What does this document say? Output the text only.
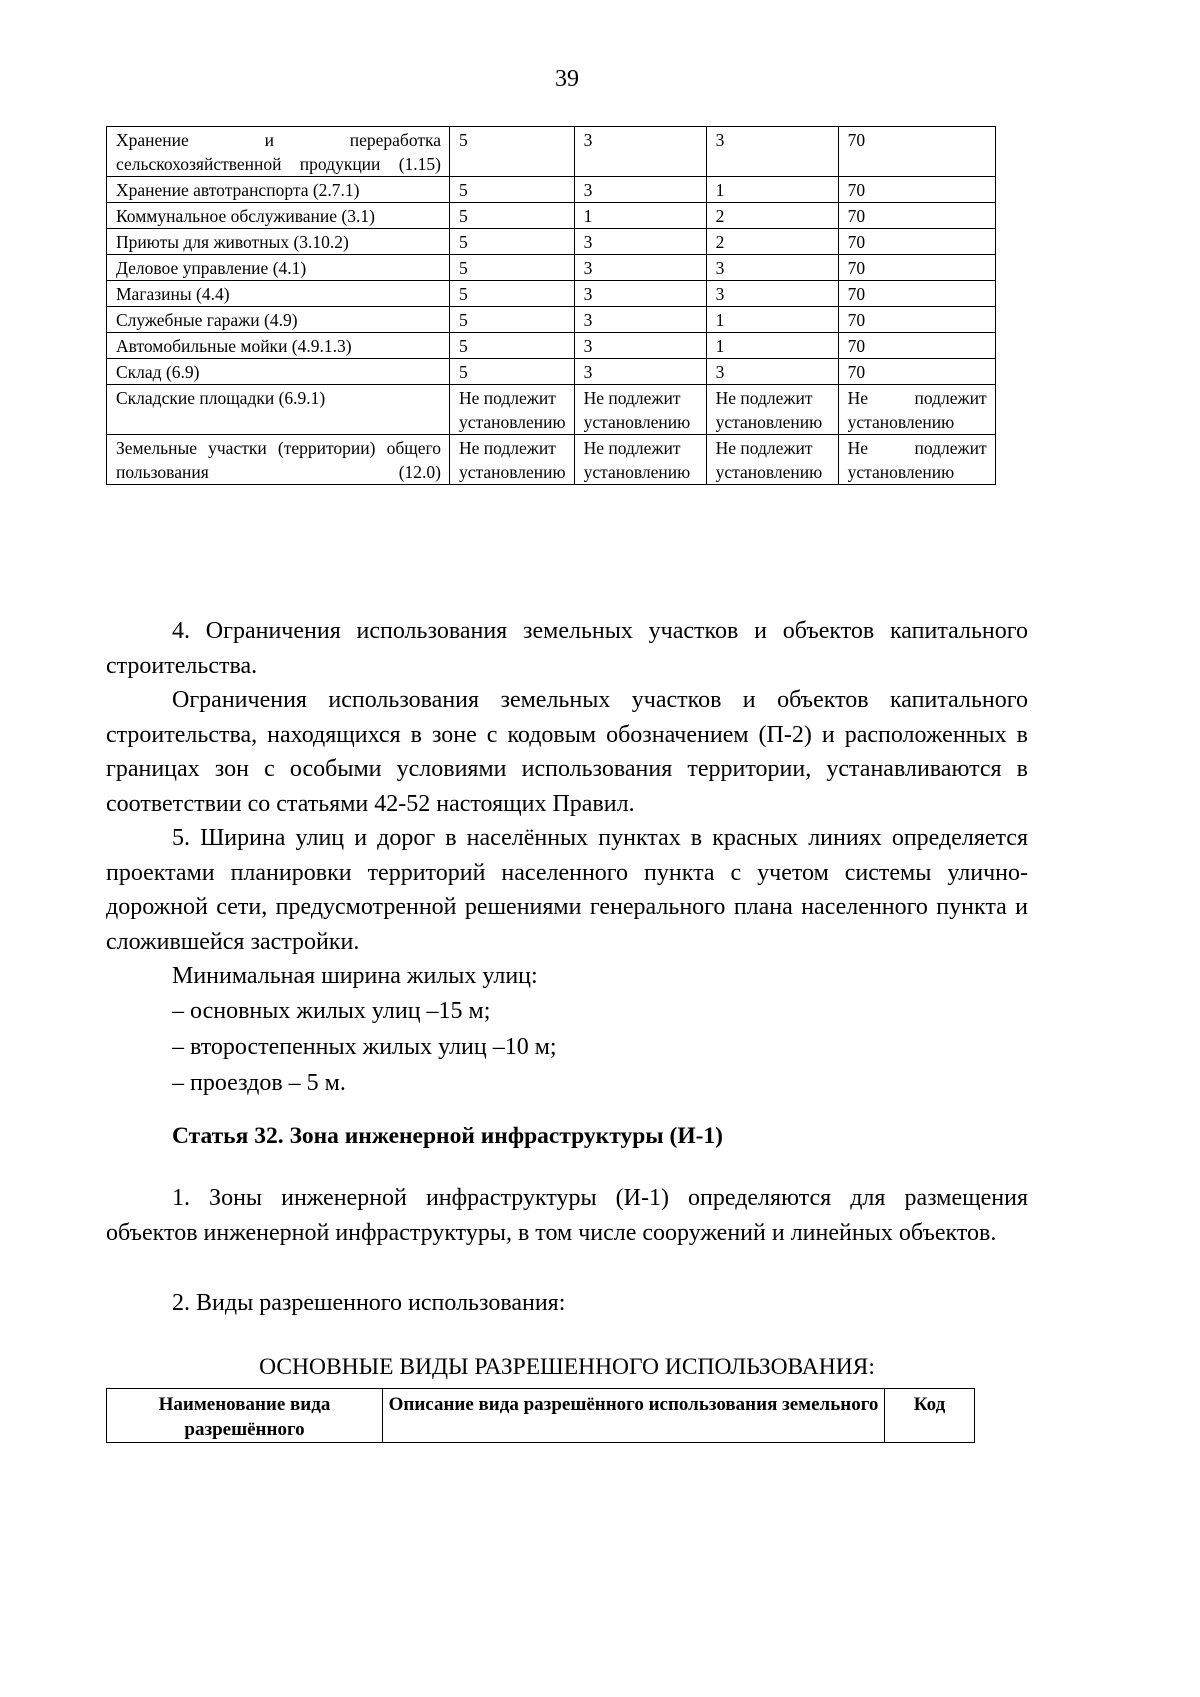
39
Хранение и переработка сельскохозяйственной продукции (1.15)	5	3	3	70
Хранение автотранспорта (2.7.1)	5	3	1	70
Коммунальное обслуживание (3.1)	5	1	2	70
Приюты для животных (3.10.2)	5	3	2	70
Деловое управление (4.1)	5	3	3	70
Магазины (4.4)	5	3	3	70
Служебные гаражи (4.9)	5	3	1	70
Автомобильные мойки (4.9.1.3)	5	3	1	70
Склад (6.9)	5	3	3	70
Складские площадки (6.9.1)	Не подлежит установлению	Не подлежит установлению	Не подлежит установлению	Не подлежит установлению
Земельные участки (территории) общего пользования (12.0)	Не подлежит установлению	Не подлежит установлению	Не подлежит установлению	Не подлежит установлению
4. Ограничения использования земельных участков и объектов капитального строительства.
Ограничения использования земельных участков и объектов капитального строительства, находящихся в зоне с кодовым обозначением (П-2) и расположенных в границах зон с особыми условиями использования территории, устанавливаются в соответствии со статьями 42-52 настоящих Правил.
5. Ширина улиц и дорог в населённых пунктах в красных линиях определяется проектами планировки территорий населенного пункта с учетом системы улично-дорожной сети, предусмотренной решениями генерального плана населенного пункта и сложившейся застройки.
Минимальная ширина жилых улиц:
– основных жилых улиц –15 м;
– второстепенных жилых улиц –10 м;
– проездов – 5 м.
Статья 32. Зона инженерной инфраструктуры (И-1)
1. Зоны инженерной инфраструктуры (И-1) определяются для размещения объектов инженерной инфраструктуры, в том числе сооружений и линейных объектов.
2. Виды разрешенного использования:
ОСНОВНЫЕ ВИДЫ РАЗРЕШЕННОГО ИСПОЛЬЗОВАНИЯ:
Наименование вида разрешённого	Описание вида разрешённого использования земельного	Код
